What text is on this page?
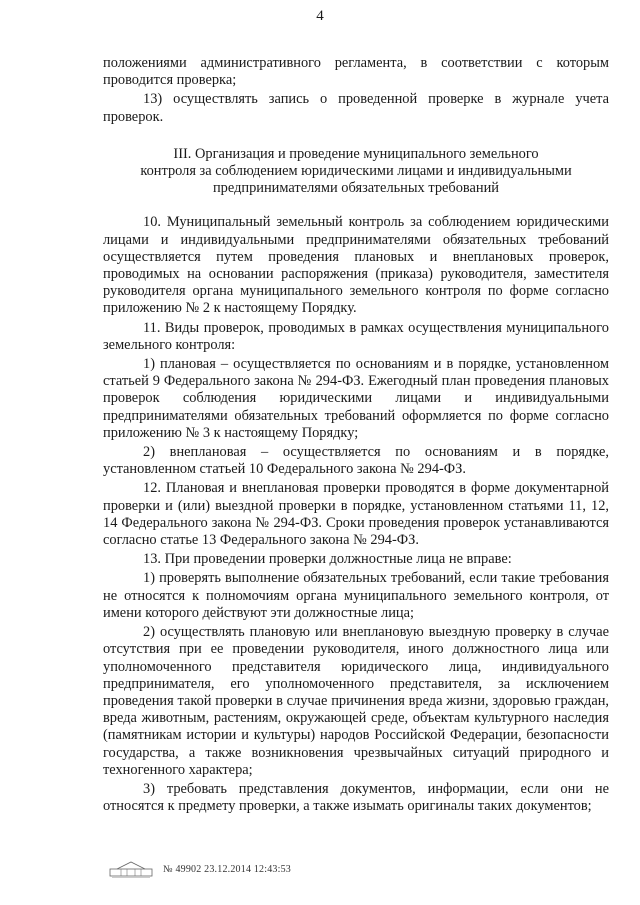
4

положениями административного регламента, в соответствии с которым проводится проверка;

13) осуществлять запись о проведенной проверке в журнале учета проверок.

III. Организация и проведение муниципального земельного
контроля за соблюдением юридическими лицами и индивидуальными
предпринимателями обязательных требований

10. Муниципальный земельный контроль за соблюдением юридическими лицами и индивидуальными предпринимателями обязательных требований осуществляется путем проведения плановых и внеплановых проверок, проводимых на основании распоряжения (приказа) руководителя, заместителя руководителя органа муниципального земельного контроля по форме согласно приложению № 2 к настоящему Порядку.

11. Виды проверок, проводимых в рамках осуществления муниципального земельного контроля:

1) плановая – осуществляется по основаниям и в порядке, установленном статьей 9 Федерального закона № 294-ФЗ. Ежегодный план проведения плановых проверок соблюдения юридическими лицами и индивидуальными предпринимателями обязательных требований оформляется по форме согласно приложению № 3 к настоящему Порядку;

2) внеплановая – осуществляется по основаниям и в порядке, установленном статьей 10 Федерального закона № 294-ФЗ.

12. Плановая и внеплановая проверки проводятся в форме документарной проверки и (или) выездной проверки в порядке, установленном статьями 11, 12, 14 Федерального закона № 294-ФЗ. Сроки проведения проверок устанавливаются согласно статье 13 Федерального закона № 294-ФЗ.

13. При проведении проверки должностные лица не вправе:

1) проверять выполнение обязательных требований, если такие требования не относятся к полномочиям органа муниципального земельного контроля, от имени которого действуют эти должностные лица;

2) осуществлять плановую или внеплановую выездную проверку в случае отсутствия при ее проведении руководителя, иного должностного лица или уполномоченного представителя юридического лица, индивидуального предпринимателя, его уполномоченного представителя, за исключением проведения такой проверки в случае причинения вреда жизни, здоровью граждан, вреда животным, растениям, окружающей среде, объектам культурного наследия (памятникам истории и культуры) народов Российской Федерации, безопасности государства, а также возникновения чрезвычайных ситуаций природного и техногенного характера;

3) требовать представления документов, информации, если они не относятся к предмету проверки, а также изымать оригиналы таких документов;

№ 49902 23.12.2014 12:43:53
